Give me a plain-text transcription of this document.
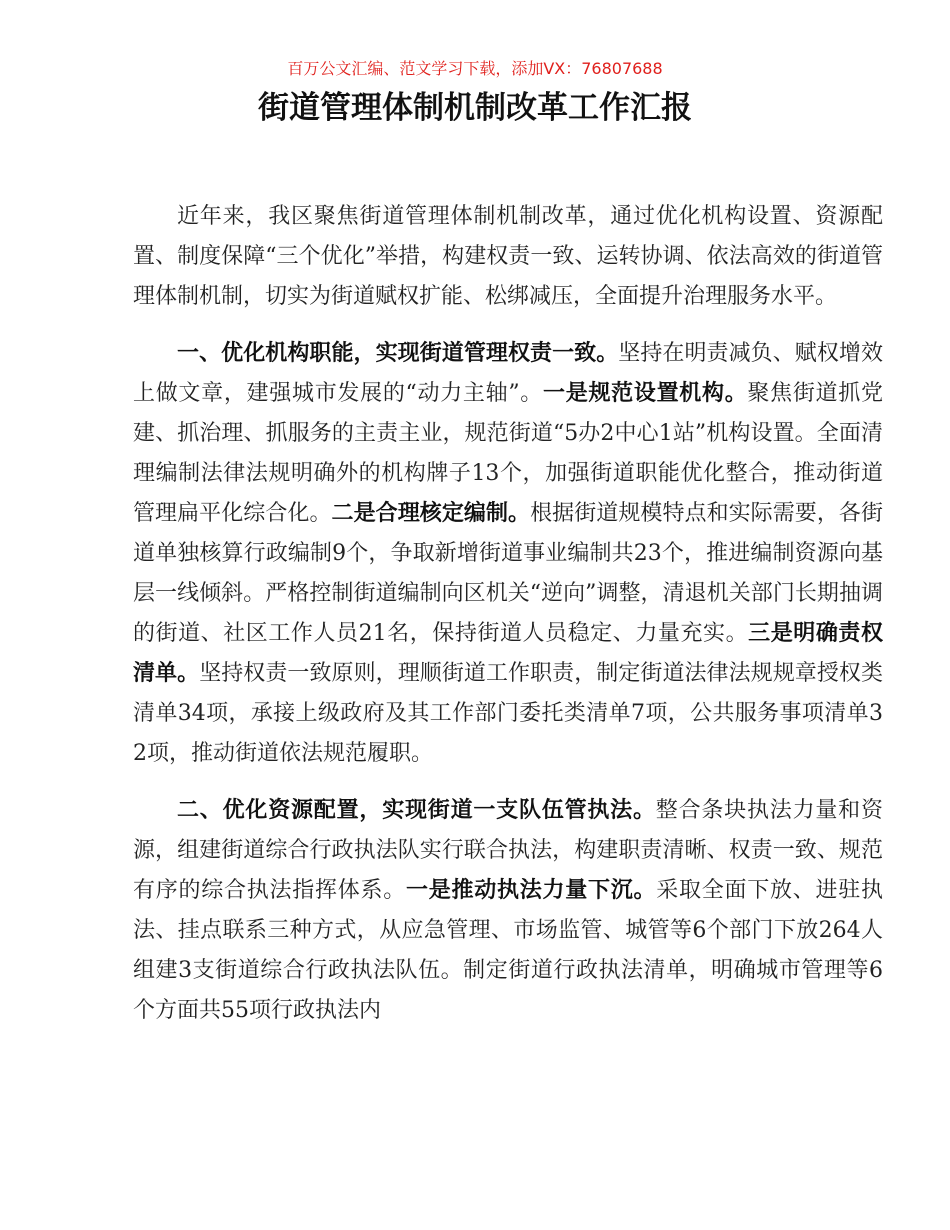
百万公文汇编、范文学习下载，添加VX：76807688
街道管理体制机制改革工作汇报

近年来，我区聚焦街道管理体制机制改革，通过优化机构设置、资源配置、制度保障“三个优化”举措，构建权责一致、运转协调、依法高效的街道管理体制机制，切实为街道赋权扩能、松绑减压，全面提升治理服务水平。

一、优化机构职能，实现街道管理权责一致。坚持在明责减负、赋权增效上做文章，建强城市发展的“动力主轴”。一是规范设置机构。聚焦街道抓党建、抓治理、抓服务的主责主业，规范街道“5办2中心1站”机构设置。全面清理编制法律法规明确外的机构牌子13个，加强街道职能优化整合，推动街道管理扁平化综合化。二是合理核定编制。根据街道规模特点和实际需要，各街道单独核算行政编制9个，争取新增街道事业编制共23个，推进编制资源向基层一线倾斜。严格控制街道编制向区机关“逆向”调整，清退机关部门长期抽调的街道、社区工作人员21名，保持街道人员稳定、力量充实。三是明确责权清单。坚持权责一致原则，理顺街道工作职责，制定街道法律法规规章授权类清单34项，承接上级政府及其工作部门委托类清单7项，公共服务事项清单32项，推动街道依法规范履职。

二、优化资源配置，实现街道一支队伍管执法。整合条块执法力量和资源，组建街道综合行政执法队实行联合执法，构建职责清晰、权责一致、规范有序的综合执法指挥体系。一是推动执法力量下沉。采取全面下放、进驻执法、挂点联系三种方式，从应急管理、市场监管、城管等6个部门下放264人组建3支街道综合行政执法队伍。制定街道行政执法清单，明确城市管理等6个方面共55项行政执法内
